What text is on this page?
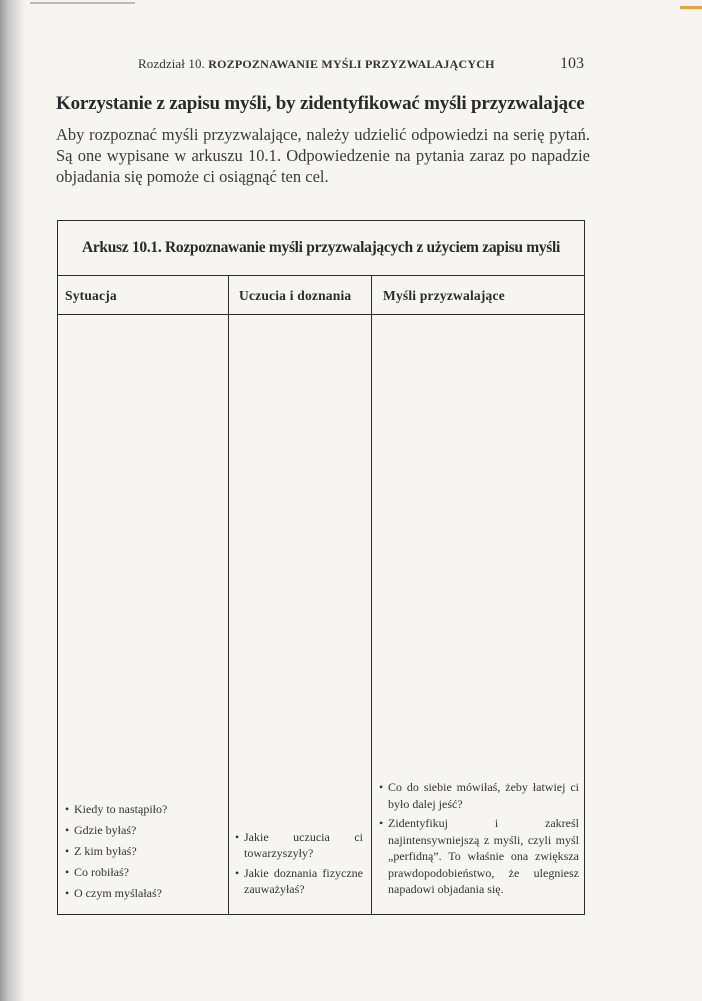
Rozdział 10. ROZPOZNAWANIE MYŚLI PRZYZWALAJĄCYCH	103
Korzystanie z zapisu myśli, by zidentyfikować myśli przyzwalające

Aby rozpoznać myśli przyzwalające, należy udzielić odpowiedzi na serię pytań. Są one wypisane w arkuszu 10.1. Odpowiedzenie na pytania zaraz po napadzie objadania się pomoże ci osiągnąć ten cel.

Arkusz 10.1. Rozpoznawanie myśli przyzwalających z użyciem zapisu myśli
Sytuacja	Uczucia i doznania Myśli przyzwalające
• Kiedy to nastąpiło?
• Gdzie byłaś?
• Z kim byłaś?
• Co robiłaś?
• O czym myślałaś?
• Jakie uczucia ci towarzyszyły?
• Jakie doznania fizyczne zauważyłaś?
• Co do siebie mówiłaś, żeby łatwiej ci było dalej jeść?
• Zidentyfikuj i zakreśl najintensywniejszą z myśli, czyli myśl „perfidną”. To właśnie ona zwiększa prawdopodobieństwo, że ulegniesz napadowi objadania się.
